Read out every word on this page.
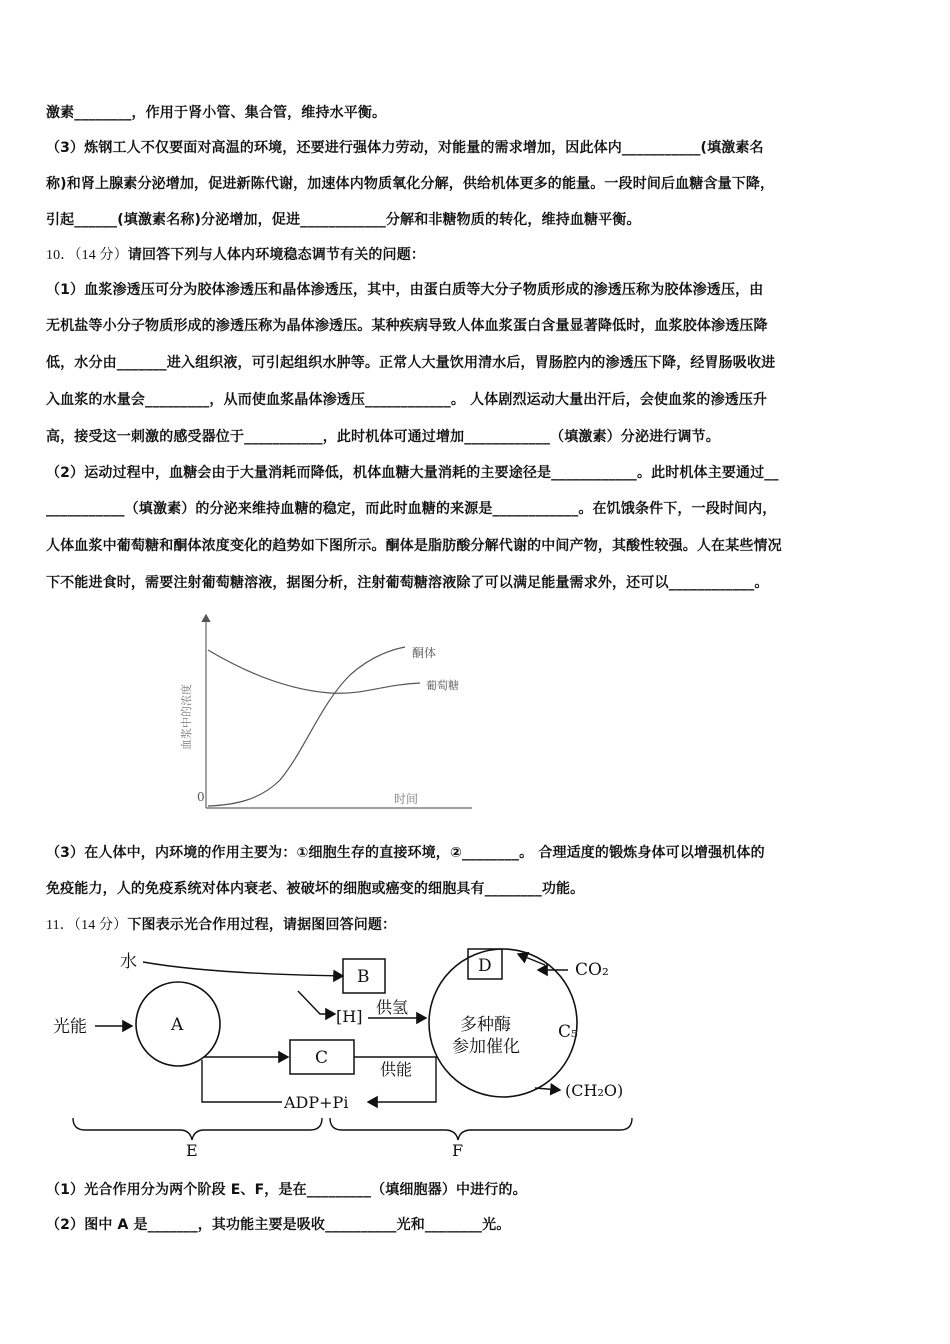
激素________，作用于肾小管、集合管，维持水平衡。
（3）炼钢工人不仅要面对高温的环境，还要进行强体力劳动，对能量的需求增加，因此体内___________(填激素名
称)和肾上腺素分泌增加，促进新陈代谢，加速体内物质氧化分解，供给机体更多的能量。一段时间后血糖含量下降，
引起______(填激素名称)分泌增加，促进____________分解和非糖物质的转化，维持血糖平衡。
10．（14 分）请回答下列与人体内环境稳态调节有关的问题：
（1）血浆渗透压可分为胶体渗透压和晶体渗透压，其中，由蛋白质等大分子物质形成的渗透压称为胶体渗透压，由
无机盐等小分子物质形成的渗透压称为晶体渗透压。某种疾病导致人体血浆蛋白含量显著降低时，血浆胶体渗透压降
低，水分由_______进入组织液，可引起组织水肿等。正常人大量饮用清水后，胃肠腔内的渗透压下降，经胃肠吸收进
入血浆的水量会_________，从而使血浆晶体渗透压____________。 人体剧烈运动大量出汗后，会使血浆的渗透压升
高，接受这一刺激的感受器位于___________，此时机体可通过增加____________（填激素）分泌进行调节。
（2）运动过程中，血糖会由于大量消耗而降低，机体血糖大量消耗的主要途径是____________。此时机体主要通过__
___________（填激素）的分泌来维持血糖的稳定，而此时血糖的来源是____________。在饥饿条件下，一段时间内，
人体血浆中葡萄糖和酮体浓度变化的趋势如下图所示。酮体是脂肪酸分解代谢的中间产物，其酸性较强。人在某些情况
下不能进食时，需要注射葡萄糖溶液，据图分析，注射葡萄糖溶液除了可以满足能量需求外，还可以____________。
0	时间
血浆中的浓度
酮体
葡萄糖
（3）在人体中，内环境的作用主要为：①细胞生存的直接环境，②________。 合理适度的锻炼身体可以增强机体的
免疫能力，人的免疫系统对体内衰老、被破坏的细胞或癌变的细胞具有________功能。
11．（14 分）下图表示光合作用过程，请据图回答问题：
水
光能	A
B
[H] 供氢
C
供能
ADP+Pi
D
多种酶
参加催化
CO₂
C₅
(CH₂O)
E	F
（1）光合作用分为两个阶段 E、F，是在_________（填细胞器）中进行的。
（2）图中 A 是_______，其功能主要是吸收__________光和________光。
